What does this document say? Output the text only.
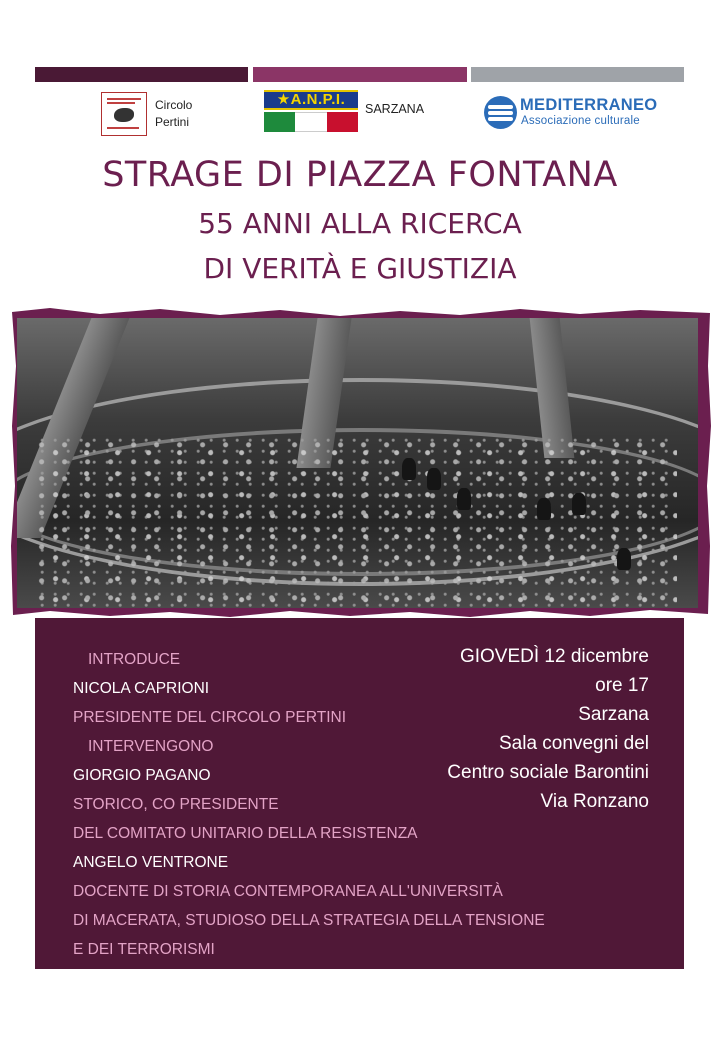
Circolo
Pertini
★A.N.P.I.
SARZANA	MEDITERRANEO
Associazione culturale
STRAGE DI PIAZZA FONTANA
55 ANNI ALLA RICERCA
DI VERITÀ E GIUSTIZIA
INTRODUCE
NICOLA CAPRIONI
PRESIDENTE DEL CIRCOLO PERTINI
INTERVENGONO
GIORGIO PAGANO
STORICO, CO PRESIDENTE
DEL COMITATO UNITARIO DELLA RESISTENZA
ANGELO VENTRONE
DOCENTE DI STORIA CONTEMPORANEA ALL'UNIVERSITÀ
DI MACERATA, STUDIOSO DELLA STRATEGIA DELLA TENSIONE
E DEI TERRORISMI
GIOVEDÌ 12 dicembre
ore 17
Sarzana
Sala convegni del
Centro sociale Barontini
Via Ronzano
